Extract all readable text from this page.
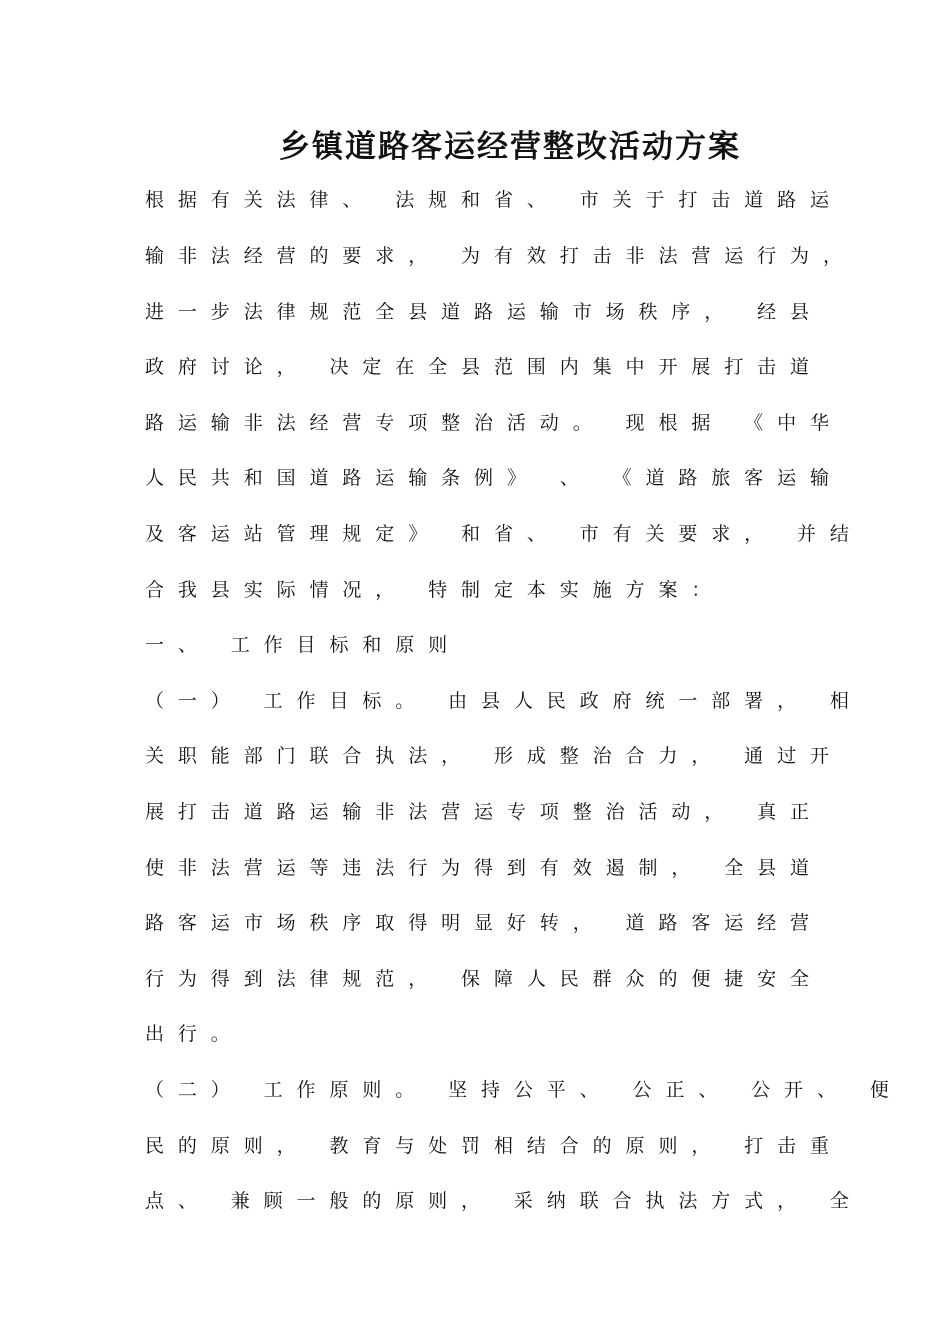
乡镇道路客运经营整改活动方案

根据有关法律、 法规和省、 市关于打击道路运

输非法经营的要求， 为有效打击非法营运行为，

进一步法律规范全县道路运输市场秩序， 经县

政府讨论， 决定在全县范围内集中开展打击道

路运输非法经营专项整治活动。 现根据 《中华

人民共和国道路运输条例》 、 《道路旅客运输

及客运站管理规定》 和省、 市有关要求， 并结

合我县实际情况， 特制定本实施方案：

一、 工作目标和原则

（一） 工作目标。 由县人民政府统一部署， 相

关职能部门联合执法， 形成整治合力， 通过开

展打击道路运输非法营运专项整治活动， 真正

使非法营运等违法行为得到有效遏制， 全县道

路客运市场秩序取得明显好转， 道路客运经营

行为得到法律规范， 保障人民群众的便捷安全

出行。

（二） 工作原则。 坚持公平、 公正、 公开、 便

民的原则， 教育与处罚相结合的原则， 打击重

点、 兼顾一般的原则， 采纳联合执法方式， 全
